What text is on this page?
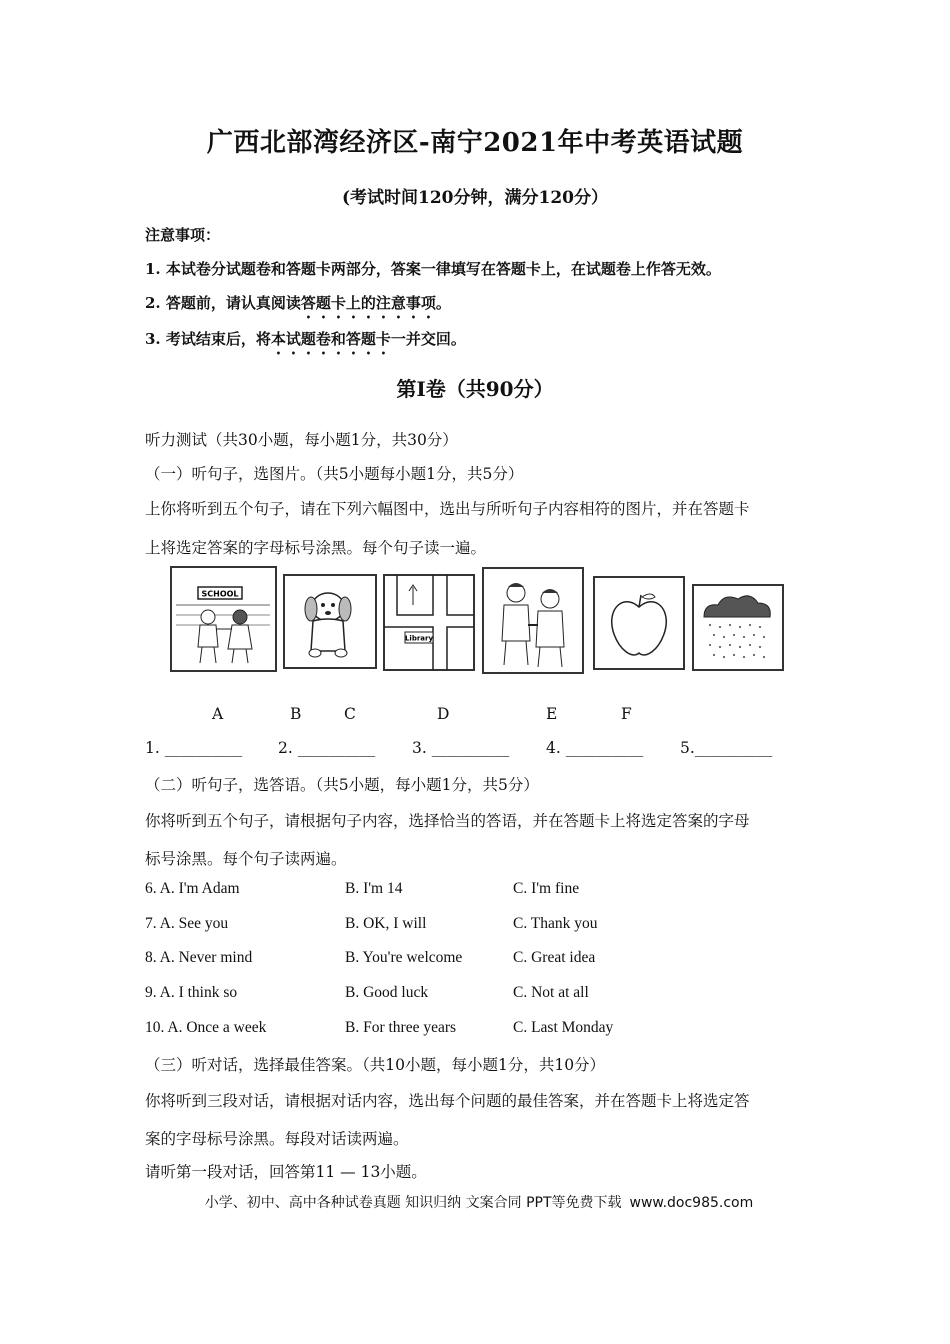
广西北部湾经济区-南宁2021年中考英语试题
(考试时间120分钟，满分120分）
注意事项：
1. 本试卷分试题卷和答题卡两部分，答案一律填写在答题卡上，在试题卷上作答无效。
2. 答题前，请认真阅读答题卡上的注意事项。
3. 考试结束后，将本试题卷和答题卡一并交回。
第Ⅰ卷（共90分）
听力测试（共30小题，每小题1分，共30分）
（一）听句子，选图片。（共5小题每小题1分，共5分）
上你将听到五个句子，请在下列六幅图中，选出与所听句子内容相符的图片，并在答题卡
上将选定答案的字母标号涂黑。每个句子读一遍。
SCHOOL
Library
A	B	C	D	E	F
1. __________ 2. __________ 3. __________ 4. __________ 5.__________
（二）听句子，选答语。（共5小题，每小题1分，共5分）
你将听到五个句子，请根据句子内容，选择恰当的答语，并在答题卡上将选定答案的字母
标号涂黑。每个句子读两遍。
6. A. I'm Adam	B. I'm 14	C. I'm fine
7. A. See you	B. OK, I will	C. Thank you
8. A. Never mind	B. You're welcome	C. Great idea
9. A. I think so	B. Good luck	C. Not at all
10. A. Once a week	B. For three years	C. Last Monday
（三）听对话，选择最佳答案。（共10小题，每小题1分，共10分）
你将听到三段对话，请根据对话内容，选出每个问题的最佳答案，并在答题卡上将选定答
案的字母标号涂黑。每段对话读两遍。
请听第一段对话，回答第11 — 13小题。
小学、初中、高中各种试卷真题 知识归纳 文案合同 PPT等免费下载 www.doc985.com
